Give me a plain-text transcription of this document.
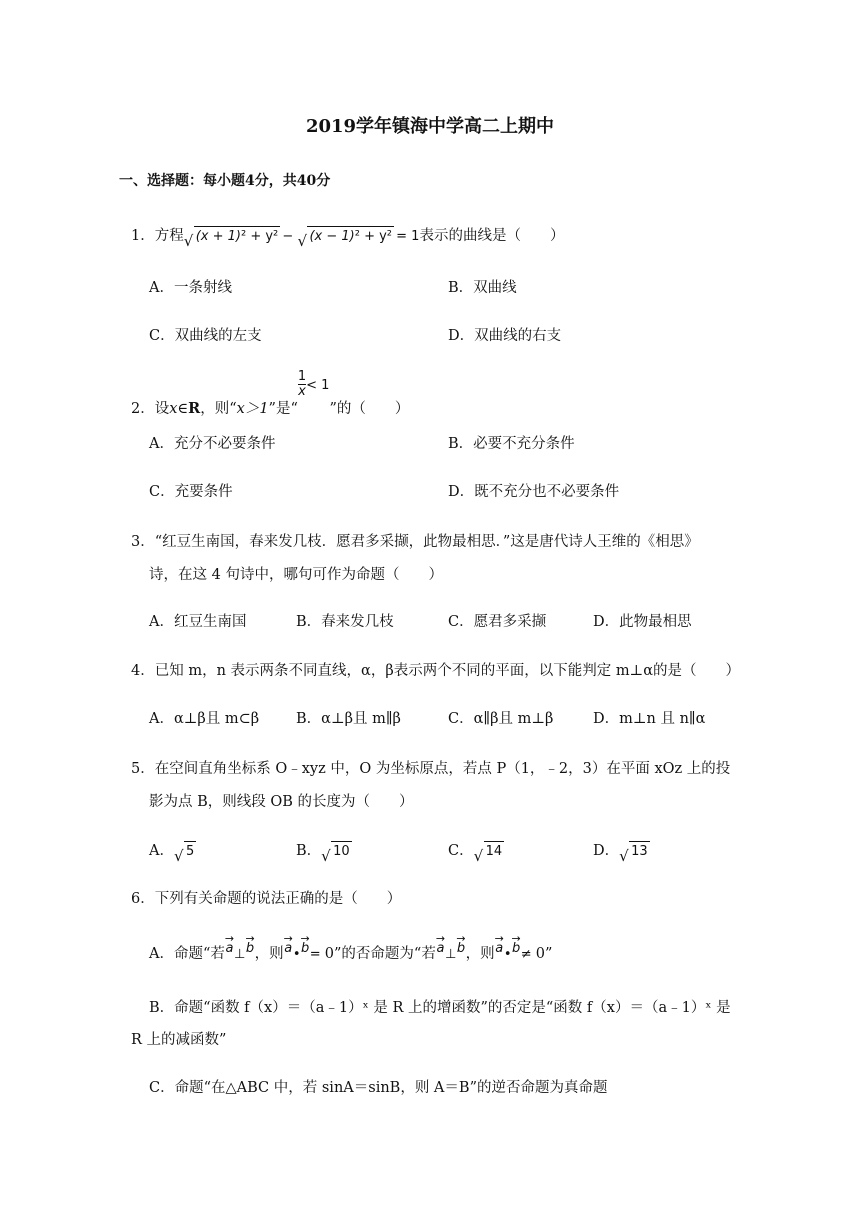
2019学年镇海中学高二上期中
一、选择题：每小题4分，共40分
1．方程 √ (x + 1)² + y² − √ (x − 1)² + y² = 1表示的曲线是（　　）
A．一条射线	B．双曲线
C．双曲线的左支	D．双曲线的右支
2．设x∈R，则“x＞1”是“
$\frac{1}{x} < 1$”的（　　）
A．充分不必要条件	B．必要不充分条件
C．充要条件	D．既不充分也不必要条件
3．“红豆生南国，春来发几枝．愿君多采撷，此物最相思．”这是唐代诗人王维的《相思》
诗，在这 4 句诗中，哪句可作为命题（　　）
A．红豆生南国	B．春来发几枝	C．愿君多采撷	D．此物最相思
4．已知 m，n 表示两条不同直线，α，β表示两个不同的平面，以下能判定 m⊥α的是（　　）
A．α⊥β且 m⊂β	B．α⊥β且 m∥β	C．α∥β且 m⊥β	D．m⊥n 且 n∥α
5．在空间直角坐标系 O﹣xyz 中，O 为坐标原点，若点 P（1，﹣2，3）在平面 xOz 上的投
影为点 B，则线段 OB 的长度为（　　）
A． √ 5	B． √ 10	C． √ 14	D． √ 13
6．下列有关命题的说法正确的是（　　）
A．命题“若
→
a⊥
→
b，则
→
a•
→
b= 0”的否命题为“若
→
a⊥
→
b，则
→
a•
→
b≠ 0”
B．命题“函数 f（x）＝（a﹣1）ˣ 是 R 上的增函数”的否定是“函数 f（x）＝（a﹣1）ˣ 是
R 上的减函数”
C．命题“在△ABC 中，若 sinA＝sinB，则 A＝B”的逆否命题为真命题
